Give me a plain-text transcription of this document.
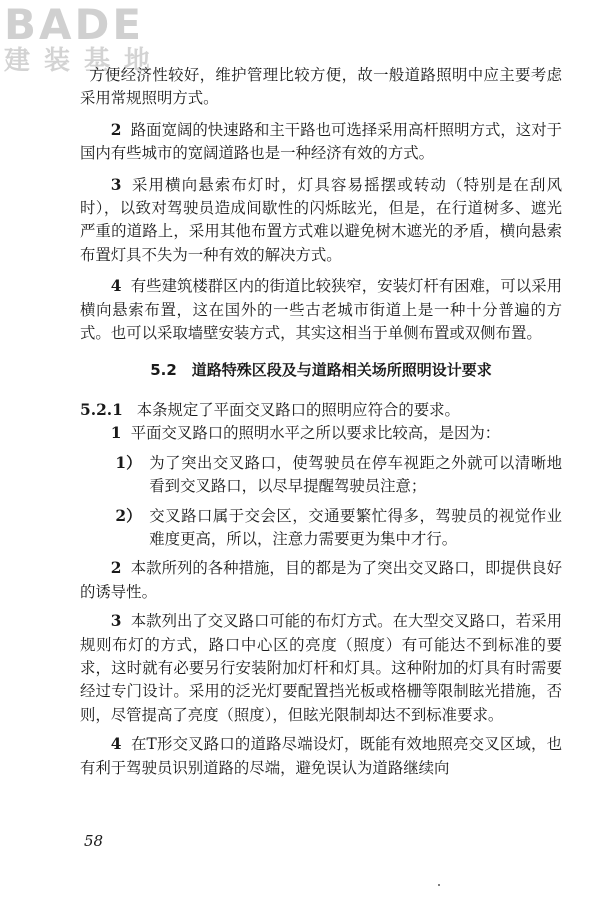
BADE
建装基地

方便经济性较好，维护管理比较方便，故一般道路照明中应主要考虑采用常规照明方式。

2 路面宽阔的快速路和主干路也可选择采用高杆照明方式，这对于国内有些城市的宽阔道路也是一种经济有效的方式。

3 采用横向悬索布灯时，灯具容易摇摆或转动（特别是在刮风时），以致对驾驶员造成间歇性的闪烁眩光，但是，在行道树多、遮光严重的道路上，采用其他布置方式难以避免树木遮光的矛盾，横向悬索布置灯具不失为一种有效的解决方式。

4 有些建筑楼群区内的街道比较狭窄，安装灯杆有困难，可以采用横向悬索布置，这在国外的一些古老城市街道上是一种十分普遍的方式。也可以采取墙壁安装方式，其实这相当于单侧布置或双侧布置。

5.2 道路特殊区段及与道路相关场所照明设计要求

5.2.1 本条规定了平面交叉路口的照明应符合的要求。

1 平面交叉路口的照明水平之所以要求比较高，是因为：

1） 为了突出交叉路口，使驾驶员在停车视距之外就可以清晰地看到交叉路口，以尽早提醒驾驶员注意；
2） 交叉路口属于交会区，交通要繁忙得多，驾驶员的视觉作业难度更高，所以，注意力需要更为集中才行。

2 本款所列的各种措施，目的都是为了突出交叉路口，即提供良好的诱导性。

3 本款列出了交叉路口可能的布灯方式。在大型交叉路口，若采用规则布灯的方式，路口中心区的亮度（照度）有可能达不到标准的要求，这时就有必要另行安装附加灯杆和灯具。这种附加的灯具有时需要经过专门设计。采用的泛光灯要配置挡光板或格栅等限制眩光措施，否则，尽管提高了亮度（照度），但眩光限制却达不到标准要求。

4 在T形交叉路口的道路尽端设灯，既能有效地照亮交叉区域，也有利于驾驶员识别道路的尽端，避免误认为道路继续向

58
